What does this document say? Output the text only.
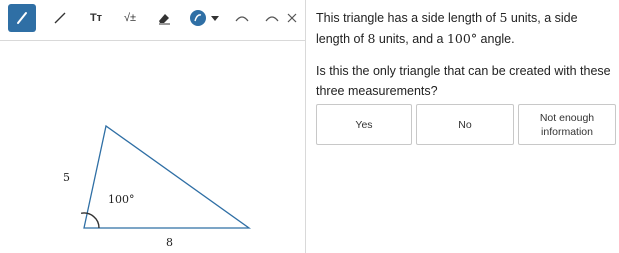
Tт √±
5
100°
8

This triangle has a side length of 5 units, a side length of 8 units, and a 100° angle.

Is this the only triangle that can be created with these three measurements?

Yes	No
Not enough information
